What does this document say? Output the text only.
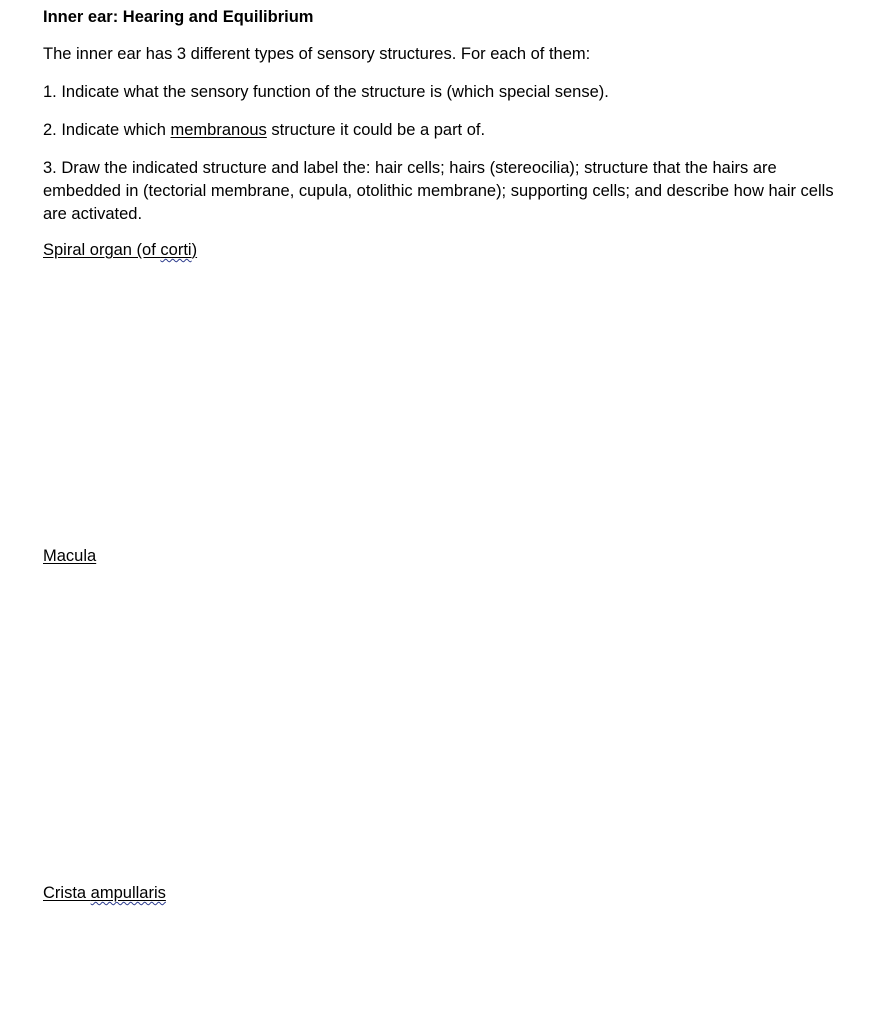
Inner ear: Hearing and Equilibrium
The inner ear has 3 different types of sensory structures. For each of them:
1. Indicate what the sensory function of the structure is (which special sense).
2. Indicate which membranous structure it could be a part of.
3. Draw the indicated structure and label the: hair cells; hairs (stereocilia); structure that the hairs are embedded in (tectorial membrane, cupula, otolithic membrane); supporting cells; and describe how hair cells are activated.
Spiral organ (of corti)
Macula
Crista ampullaris
